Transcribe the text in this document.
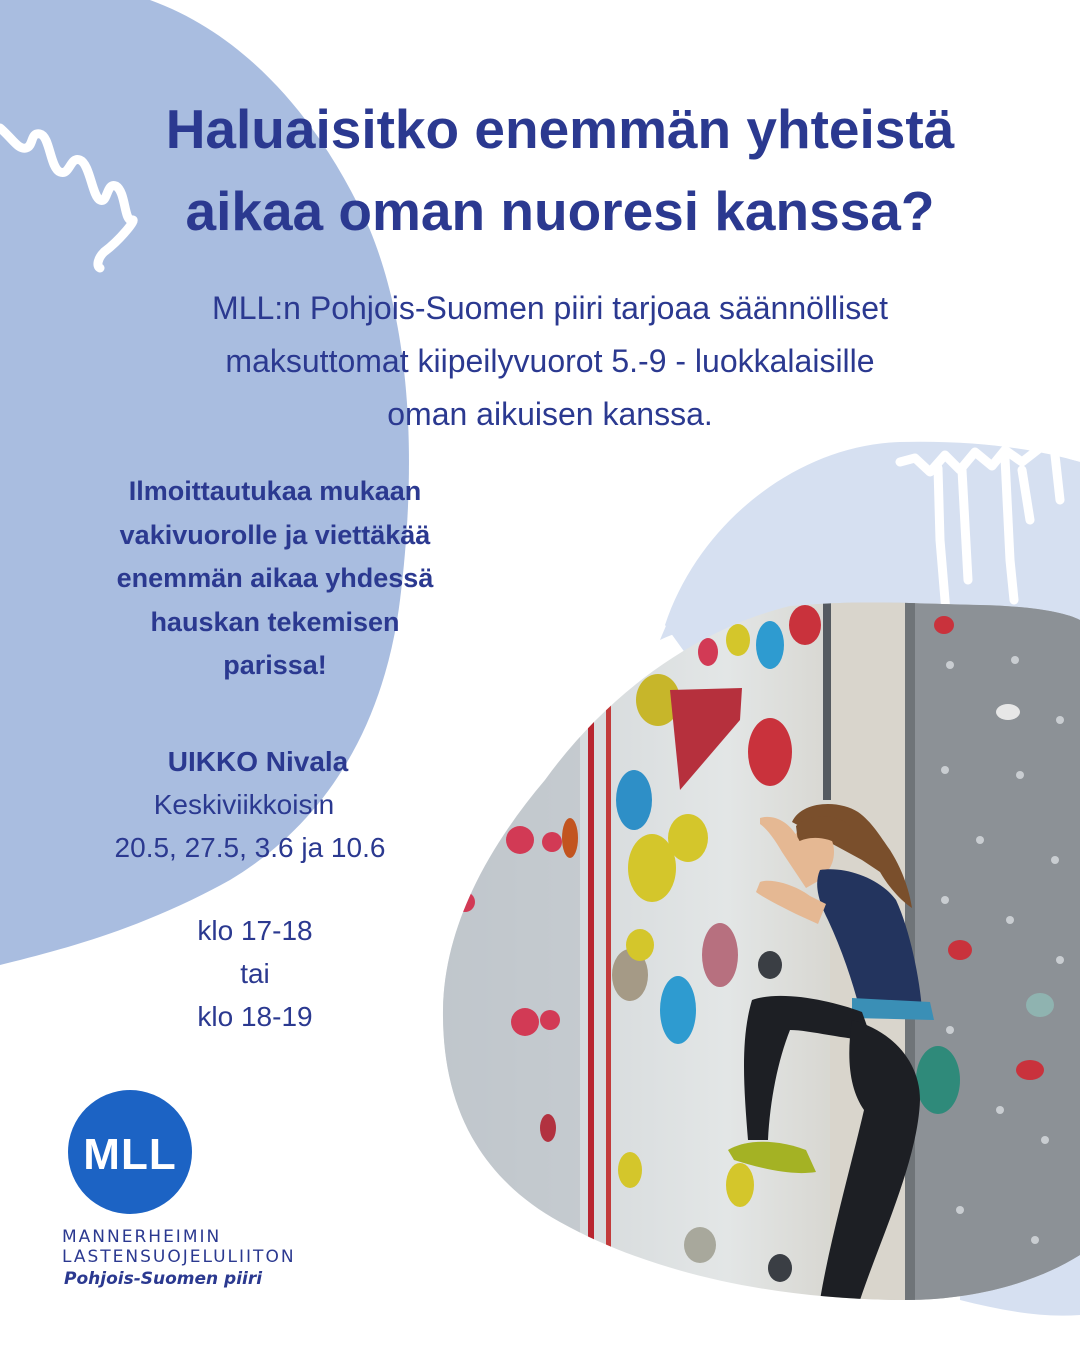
Haluaisitko enemmän yhteistä
aikaa oman nuoresi kanssa?

MLL:n Pohjois-Suomen piiri tarjoaa säännölliset
maksuttomat kiipeilyvuorot 5.-9 - luokkalaisille
oman aikuisen kanssa.

Ilmoittautukaa mukaan
vakivuorolle ja viettäkää
enemmän aikaa yhdessä
hauskan tekemisen
parissa!

UIKKO Nivala
Keskiviikkoisin
20.5, 27.5, 3.6 ja 10.6
klo 17-18
tai
klo 18-19
MLL
MANNERHEIMIN
LASTENSUOJELULIITON
Pohjois-Suomen piiri
